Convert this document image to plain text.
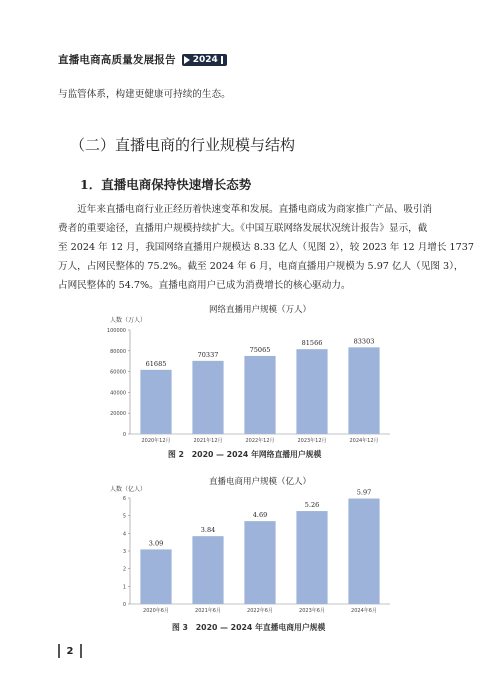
直播电商高质量发展报告 2024
与监管体系，构建更健康可持续的生态。
（二）直播电商的行业规模与结构
1．直播电商保持快速增长态势
　　近年来直播电商行业正经历着快速变革和发展。直播电商成为商家推广产品、吸引消
费者的重要途径，直播用户规模持续扩大。《中国互联网络发展状况统计报告》显示，截
至 2024 年 12 月，我国网络直播用户规模达 8.33 亿人（见图 2），较 2023 年 12 月增长 1737
万人，占网民整体的 75.2%。截至 2024 年 6 月，电商直播用户规模为 5.97 亿人（见图 3），
占网民整体的 54.7%。直播电商用户已成为消费增长的核心驱动力。
网络直播用户规模（万人）
人数（万人）
0
20000
40000
60000
80000
100000
61685
2020年12月
70337
2021年12月
75065
2022年12月
81566
2023年12月
83303
2024年12月
图 2　2020 — 2024 年网络直播用户规模
直播电商用户规模（亿人）
人数（亿人）
0
1
2
3
4
5
6
3.09
2020年6月
3.84
2021年6月
4.69
2022年6月
5.26
2023年6月
5.97
2024年6月
图 3　2020 — 2024 年直播电商用户规模
2
